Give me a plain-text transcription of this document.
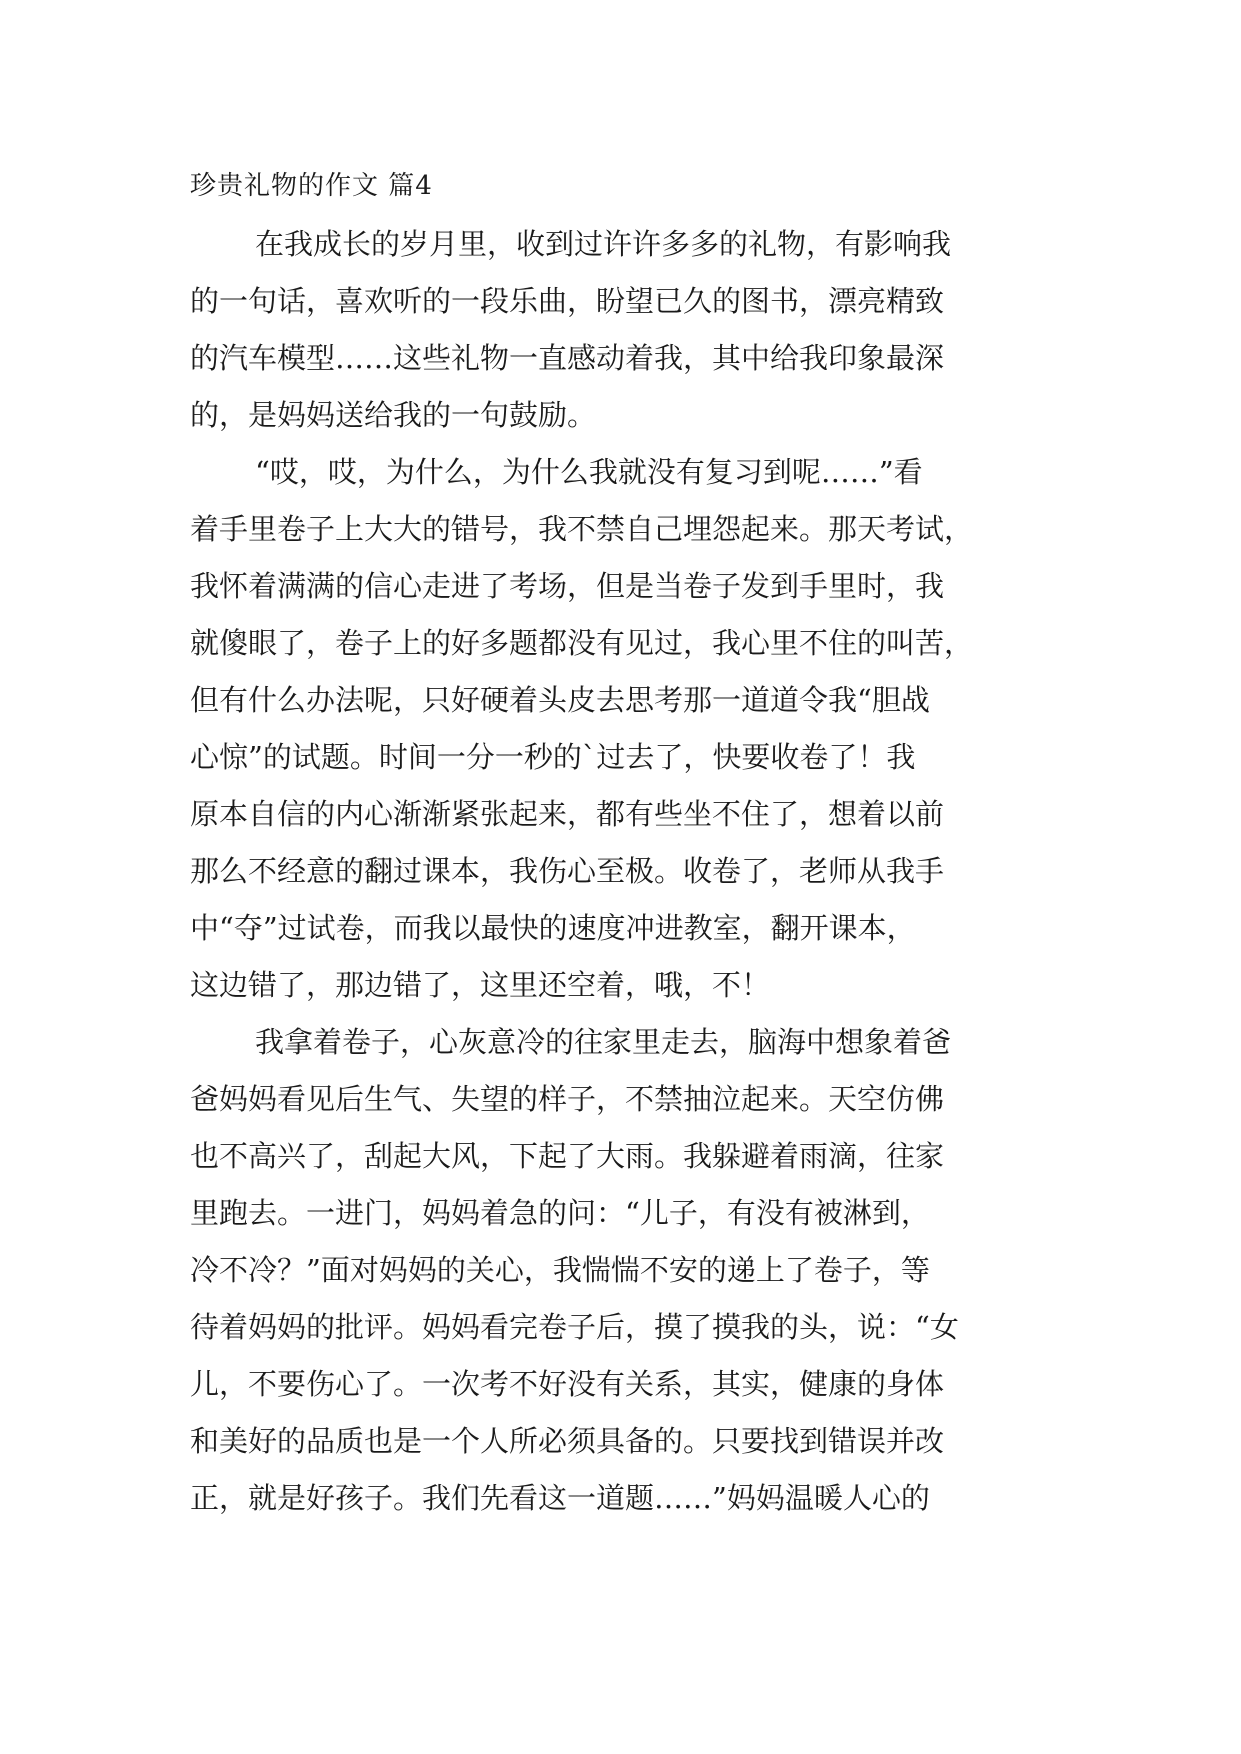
珍贵礼物的作文 篇4
在我成长的岁月里，收到过许许多多的礼物，有影响我
的一句话，喜欢听的一段乐曲，盼望已久的图书，漂亮精致
的汽车模型……这些礼物一直感动着我，其中给我印象最深
的，是妈妈送给我的一句鼓励。
“哎，哎，为什么，为什么我就没有复习到呢……”看
着手里卷子上大大的错号，我不禁自己埋怨起来。那天考试，
我怀着满满的信心走进了考场，但是当卷子发到手里时，我
就傻眼了，卷子上的好多题都没有见过，我心里不住的叫苦，
但有什么办法呢，只好硬着头皮去思考那一道道令我“胆战
心惊”的试题。时间一分一秒的`过去了，快要收卷了！我
原本自信的内心渐渐紧张起来，都有些坐不住了，想着以前
那么不经意的翻过课本，我伤心至极。收卷了，老师从我手
中“夺”过试卷，而我以最快的速度冲进教室，翻开课本，
这边错了，那边错了，这里还空着，哦，不！
我拿着卷子，心灰意冷的往家里走去，脑海中想象着爸
爸妈妈看见后生气、失望的样子，不禁抽泣起来。天空仿佛
也不高兴了，刮起大风，下起了大雨。我躲避着雨滴，往家
里跑去。一进门，妈妈着急的问：“儿子，有没有被淋到，
冷不冷？”面对妈妈的关心，我惴惴不安的递上了卷子，等
待着妈妈的批评。妈妈看完卷子后，摸了摸我的头，说：“女
儿，不要伤心了。一次考不好没有关系，其实，健康的身体
和美好的品质也是一个人所必须具备的。只要找到错误并改
正，就是好孩子。我们先看这一道题……”妈妈温暖人心的
